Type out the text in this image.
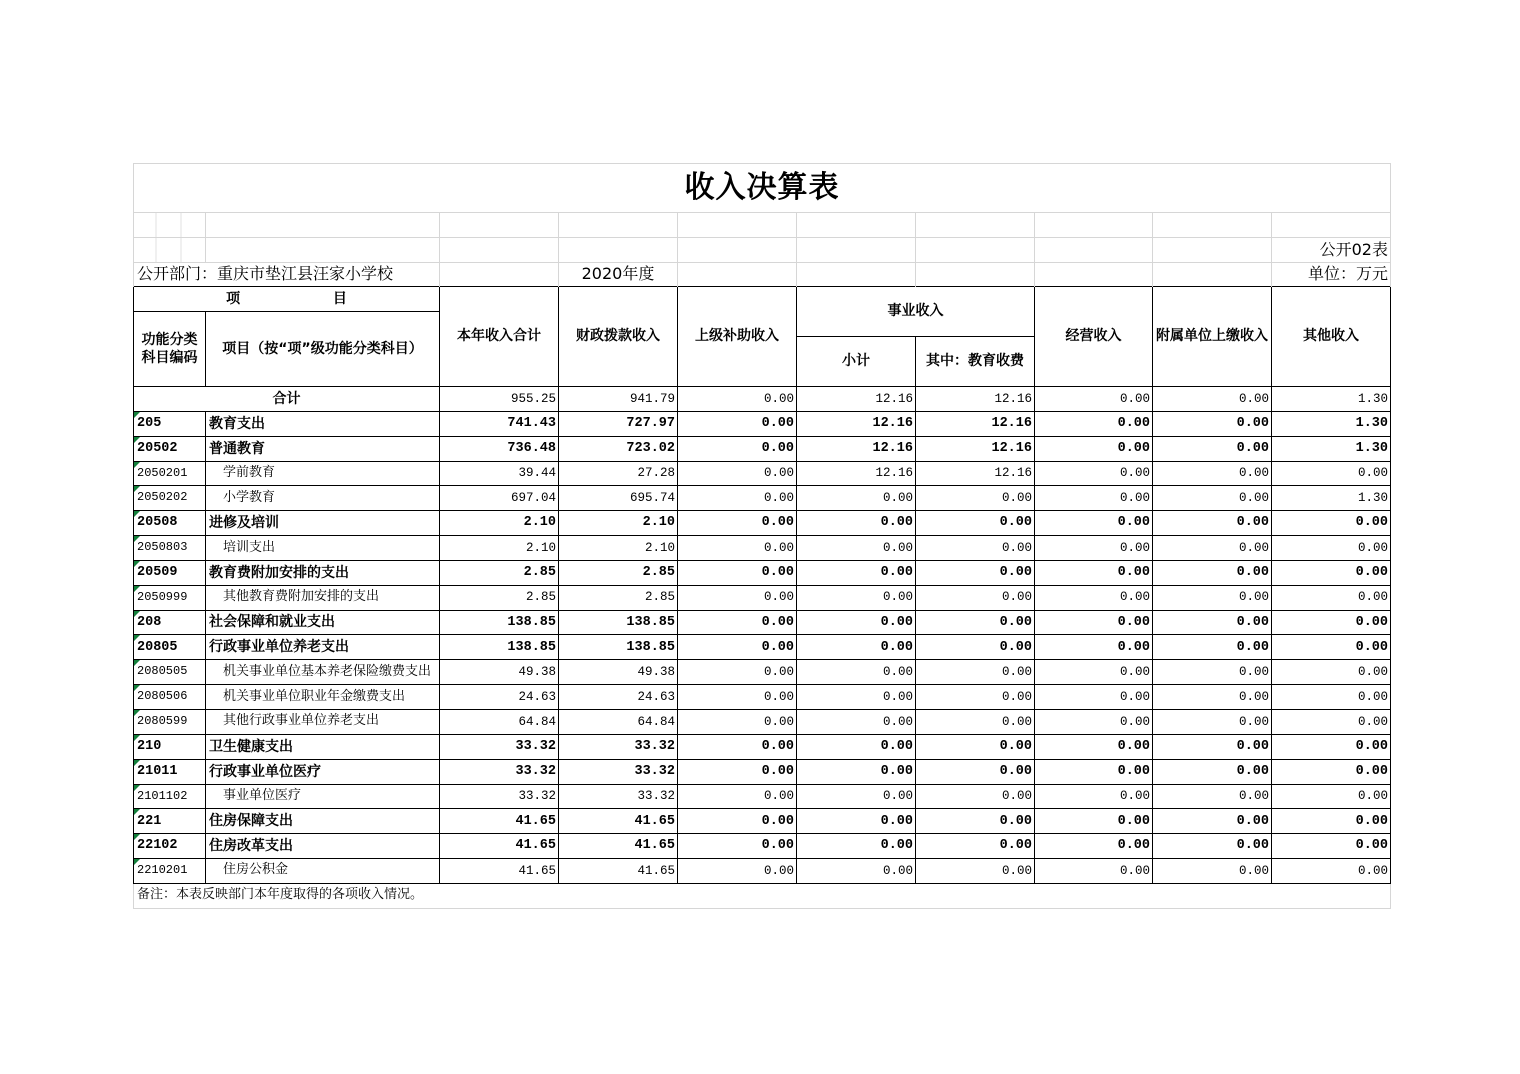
收入决算表									

									公开02表
公开部门：重庆市垫江县汪家小学校			2020年度						单位：万元
项 目		本年收入合计	财政拨款收入	上级补助收入	事业收入		经营收入	附属单位上缴收入	其他收入
功能分类
科目编码	项目（按“项”级功能分类科目）								
					小计	其中：教育收费			
合计		955.25	941.79	0.00	12.16	12.16	0.00	0.00	1.30
205	教育支出	741.43	727.97	0.00	12.16	12.16	0.00	0.00	1.30
20502	普通教育	736.48	723.02	0.00	12.16	12.16	0.00	0.00	1.30
2050201	学前教育	39.44	27.28	0.00	12.16	12.16	0.00	0.00	0.00
2050202	小学教育	697.04	695.74	0.00	0.00	0.00	0.00	0.00	1.30
20508	进修及培训	2.10	2.10	0.00	0.00	0.00	0.00	0.00	0.00
2050803	培训支出	2.10	2.10	0.00	0.00	0.00	0.00	0.00	0.00
20509	教育费附加安排的支出	2.85	2.85	0.00	0.00	0.00	0.00	0.00	0.00
2050999	其他教育费附加安排的支出	2.85	2.85	0.00	0.00	0.00	0.00	0.00	0.00
208	社会保障和就业支出	138.85	138.85	0.00	0.00	0.00	0.00	0.00	0.00
20805	行政事业单位养老支出	138.85	138.85	0.00	0.00	0.00	0.00	0.00	0.00
2080505	机关事业单位基本养老保险缴费支出	49.38	49.38	0.00	0.00	0.00	0.00	0.00	0.00
2080506	机关事业单位职业年金缴费支出	24.63	24.63	0.00	0.00	0.00	0.00	0.00	0.00
2080599	其他行政事业单位养老支出	64.84	64.84	0.00	0.00	0.00	0.00	0.00	0.00
210	卫生健康支出	33.32	33.32	0.00	0.00	0.00	0.00	0.00	0.00
21011	行政事业单位医疗	33.32	33.32	0.00	0.00	0.00	0.00	0.00	0.00
2101102	事业单位医疗	33.32	33.32	0.00	0.00	0.00	0.00	0.00	0.00
221	住房保障支出	41.65	41.65	0.00	0.00	0.00	0.00	0.00	0.00
22102	住房改革支出	41.65	41.65	0.00	0.00	0.00	0.00	0.00	0.00
2210201	住房公积金	41.65	41.65	0.00	0.00	0.00	0.00	0.00	0.00
备注：本表反映部门本年度取得的各项收入情况。									
